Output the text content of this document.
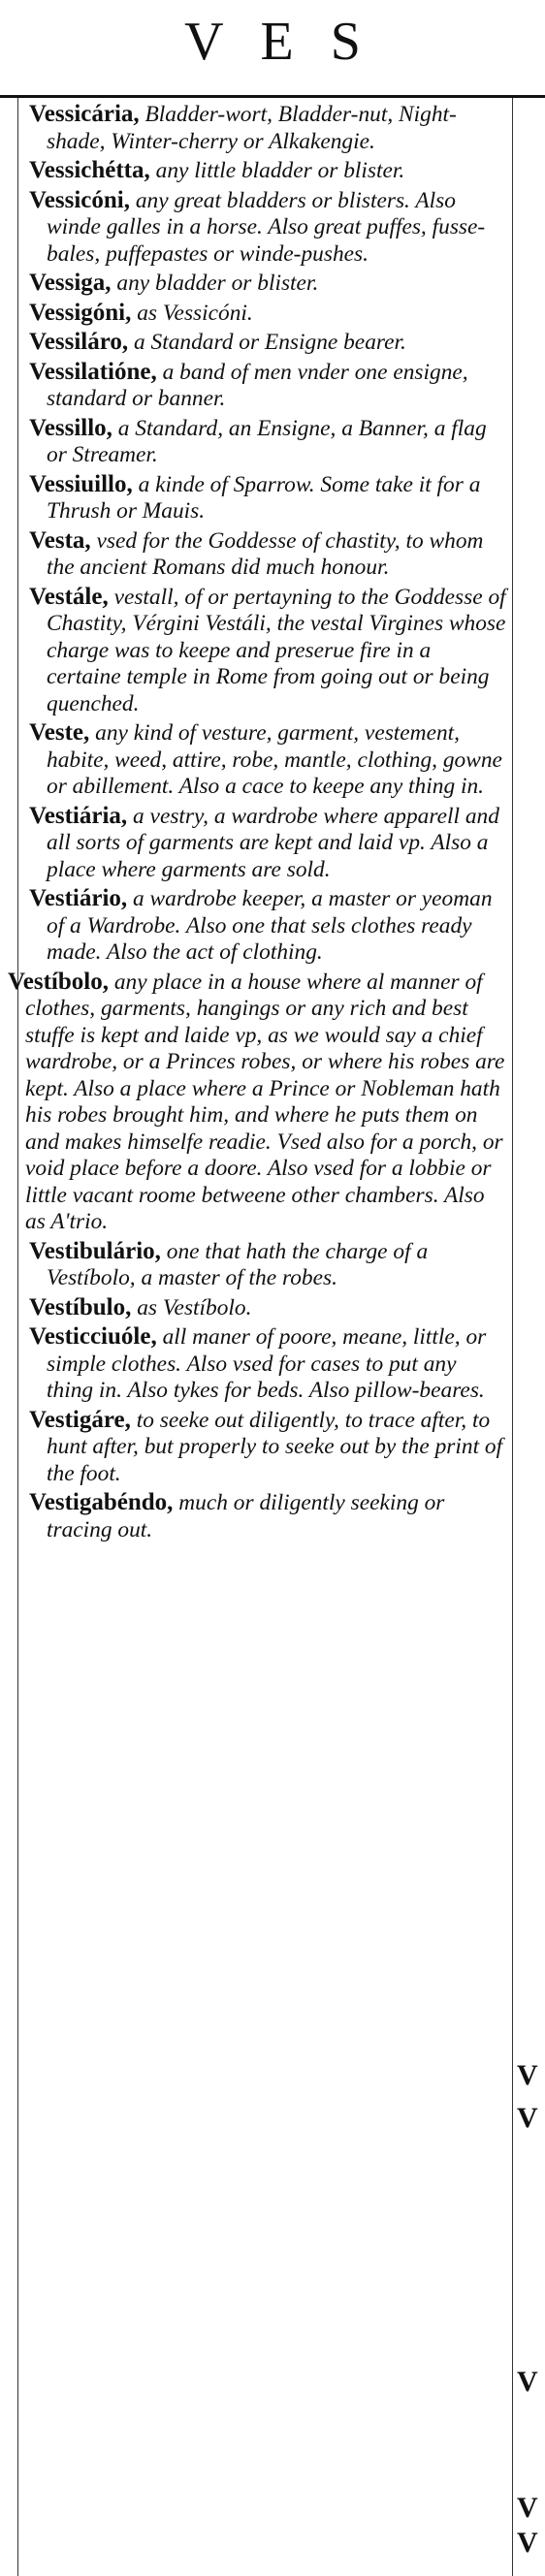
VES
V
V
V
V
V
Vessicária, Bladder-wort, Bladder-nut, Night-shade, Winter-cherry or Alkakengie.
Vessichétta, any little bladder or blister.
Vessicóni, any great bladders or blisters. Also winde galles in a horse. Also great puffes, fusse-bales, puffepastes or winde-pushes.
Vessiga, any bladder or blister.
Vessigóni, as Vessicóni.
Vessiláro, a Standard or Ensigne bearer.
Vessilatióne, a band of men vnder one ensigne, standard or banner.
Vessillo, a Standard, an Ensigne, a Banner, a flag or Streamer.
Vessiuillo, a kinde of Sparrow. Some take it for a Thrush or Mauis.
Vesta, vsed for the Goddesse of chastity, to whom the ancient Romans did much honour.
Vestále, vestall, of or pertayning to the Goddesse of Chastity, Vérgini Vestáli, the vestal Virgines whose charge was to keepe and preserue fire in a certaine temple in Rome from going out or being quenched.
Veste, any kind of vesture, garment, vestement, habite, weed, attire, robe, mantle, clothing, gowne or abillement. Also a cace to keepe any thing in.
Vestiária, a vestry, a wardrobe where apparell and all sorts of garments are kept and laid vp. Also a place where garments are sold.
Vestiário, a wardrobe keeper, a master or yeoman of a Wardrobe. Also one that sels clothes ready made. Also the act of clothing.
Vestíbolo, any place in a house where al manner of clothes, garments, hangings or any rich and best stuffe is kept and laide vp, as we would say a chief wardrobe, or a Princes robes, or where his robes are kept. Also a place where a Prince or Nobleman hath his robes brought him, and where he puts them on and makes himselfe readie. Vsed also for a porch, or void place before a doore. Also vsed for a lobbie or little vacant roome betweene other chambers. Also as A'trio.
Vestibulário, one that hath the charge of a Vestíbolo, a master of the robes.
Vestíbulo, as Vestíbolo.
Vesticciuóle, all maner of poore, meane, little, or simple clothes. Also vsed for cases to put any thing in. Also tykes for beds. Also pillow-beares.
Vestigáre, to seeke out diligently, to trace after, to hunt after, but properly to seeke out by the print of the foot.
Vestigabéndo, much or diligently seeking or tracing out.
